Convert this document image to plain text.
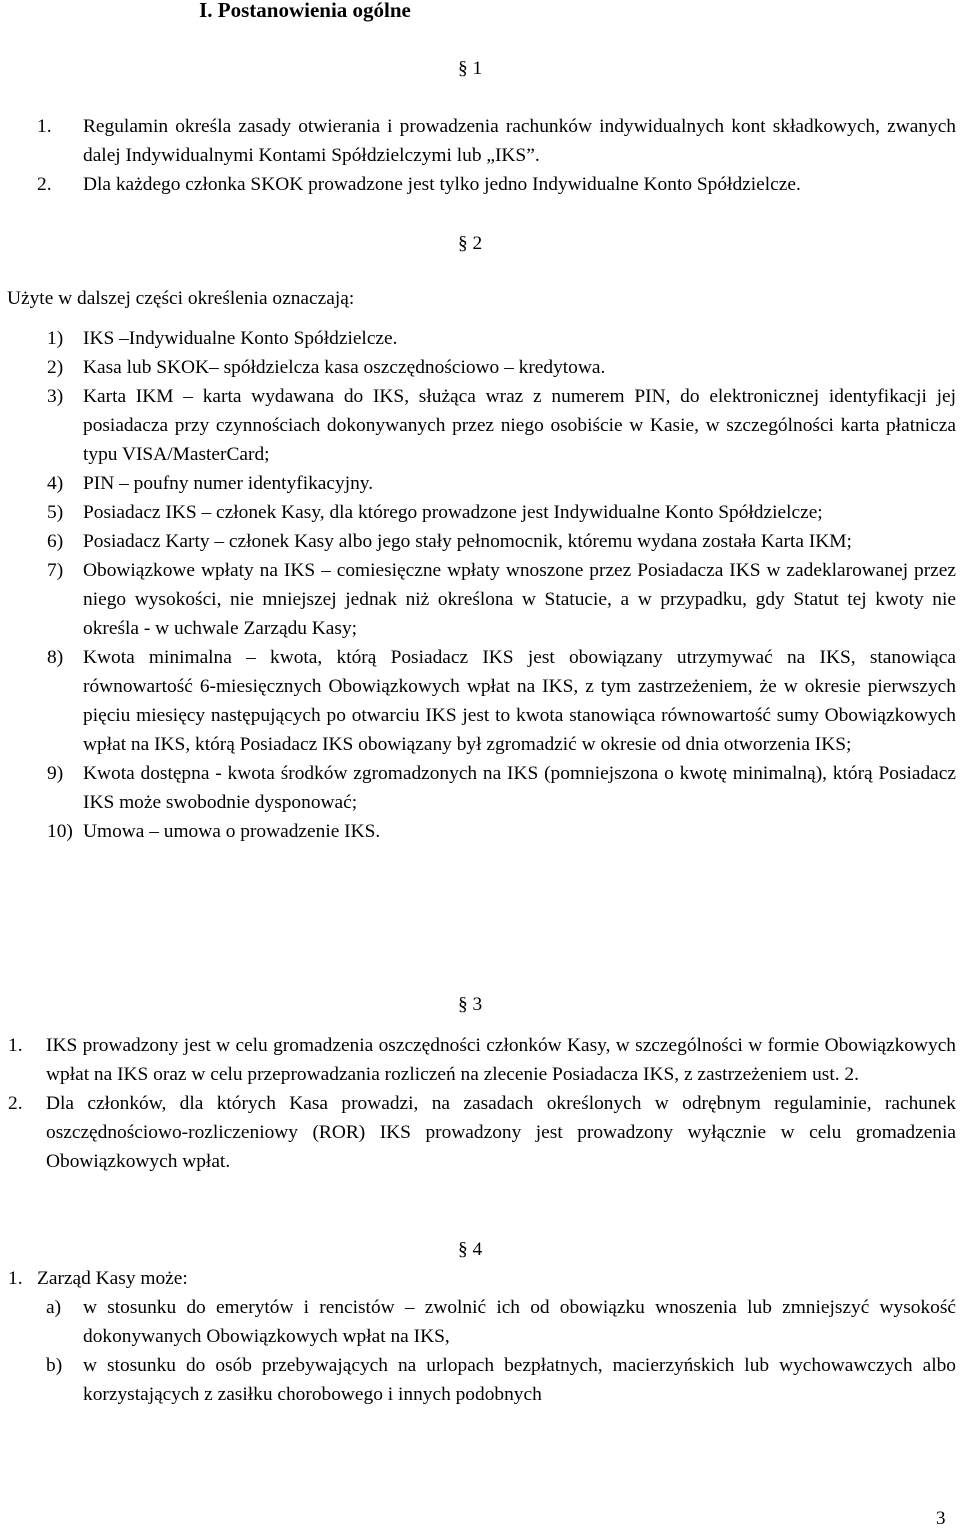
I. Postanowienia ogólne
§ 1
1. Regulamin określa zasady otwierania i prowadzenia rachunków indywidualnych kont składkowych, zwanych dalej Indywidualnymi Kontami Spółdzielczymi lub „IKS”.
2. Dla każdego członka SKOK prowadzone jest tylko jedno Indywidualne Konto Spółdzielcze.
§ 2
Użyte w dalszej części określenia oznaczają:
1) IKS –Indywidualne Konto Spółdzielcze.
2) Kasa lub SKOK– spółdzielcza kasa oszczędnościowo – kredytowa.
3) Karta IKM – karta wydawana do IKS, służąca wraz z numerem PIN, do elektronicznej identyfikacji jej posiadacza przy czynnościach dokonywanych przez niego osobiście w Kasie, w szczególności karta płatnicza typu VISA/MasterCard;
4) PIN – poufny numer identyfikacyjny.
5) Posiadacz IKS – członek Kasy, dla którego prowadzone jest Indywidualne Konto Spółdzielcze;
6) Posiadacz Karty – członek Kasy albo jego stały pełnomocnik, któremu wydana została Karta IKM;
7) Obowiązkowe wpłaty na IKS – comiesięczne wpłaty wnoszone przez Posiadacza IKS w zadeklarowanej przez niego wysokości, nie mniejszej jednak niż określona w Statucie, a w przypadku, gdy Statut tej kwoty nie określa - w uchwale Zarządu Kasy;
8) Kwota minimalna – kwota, którą Posiadacz IKS jest obowiązany utrzymywać na IKS, stanowiąca równowartość 6-miesięcznych Obowiązkowych wpłat na IKS, z tym zastrzeżeniem, że w okresie pierwszych pięciu miesięcy następujących po otwarciu IKS jest to kwota stanowiąca równowartość sumy Obowiązkowych wpłat na IKS, którą Posiadacz IKS obowiązany był zgromadzić w okresie od dnia otworzenia IKS;
9) Kwota dostępna - kwota środków zgromadzonych na IKS (pomniejszona o kwotę minimalną), którą Posiadacz IKS może swobodnie dysponować;
10) Umowa – umowa o prowadzenie IKS.
§ 3
1. IKS prowadzony jest w celu gromadzenia oszczędności członków Kasy, w szczególności w formie Obowiązkowych wpłat na IKS oraz w celu przeprowadzania rozliczeń na zlecenie Posiadacza IKS, z zastrzeżeniem ust. 2.
2. Dla członków, dla których Kasa prowadzi, na zasadach określonych w odrębnym regulaminie, rachunek oszczędnościowo-rozliczeniowy (ROR) IKS prowadzony jest prowadzony wyłącznie w celu gromadzenia Obowiązkowych wpłat.
§ 4
1. Zarząd Kasy może:
a) w stosunku do emerytów i rencistów – zwolnić ich od obowiązku wnoszenia lub zmniejszyć wysokość dokonywanych Obowiązkowych wpłat na IKS,
b) w stosunku do osób przebywających na urlopach bezpłatnych, macierzyńskich lub wychowawczych albo korzystających z zasiłku chorobowego i innych podobnych
3
